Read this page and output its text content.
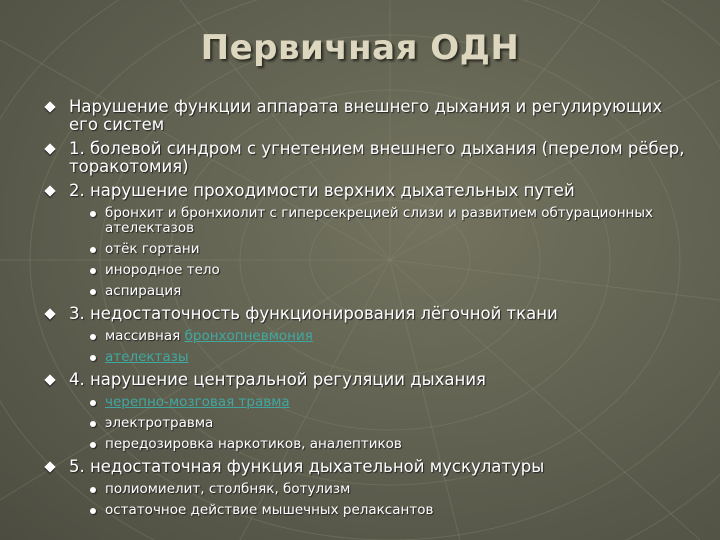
Первичная ОДН
Нарушение функции аппарата внешнего дыхания и регулирующих его систем
1. болевой синдром с угнетением внешнего дыхания (перелом рёбер, торакотомия)
2. нарушение проходимости верхних дыхательных путей
бронхит и бронхиолит с гиперсекрецией слизи и развитием обтурационных ателектазов
отёк гортани
инородное тело
аспирация
3. недостаточность функционирования лёгочной ткани
массивная бронхопневмония
ателектазы
4. нарушение центральной регуляции дыхания
черепно-мозговая травма
электротравма
передозировка наркотиков, аналептиков
5. недостаточная функция дыхательной мускулатуры
полиомиелит, столбняк, ботулизм
остаточное действие мышечных релаксантов
